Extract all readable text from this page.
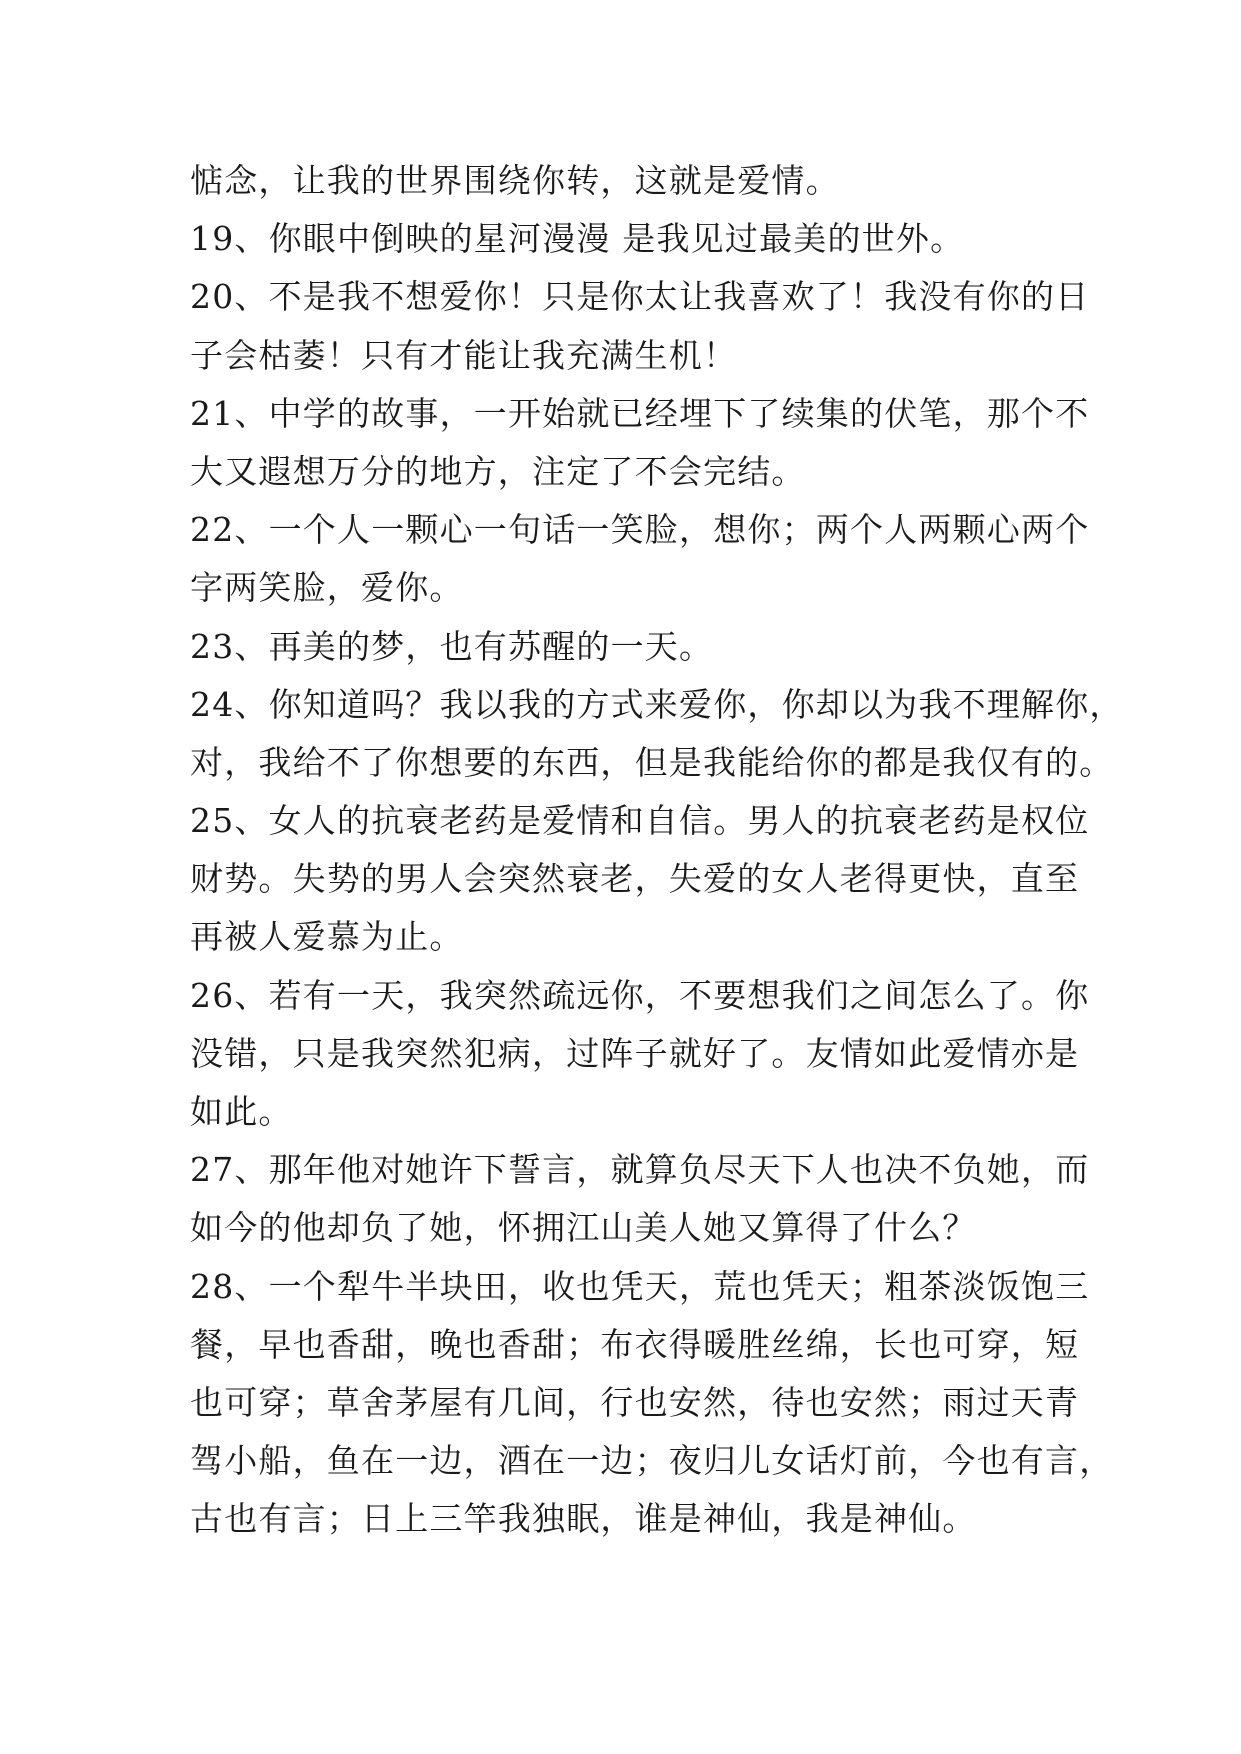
惦念，让我的世界围绕你转，这就是爱情。
19、你眼中倒映的星河漫漫 是我见过最美的世外。
20、不是我不想爱你！只是你太让我喜欢了！我没有你的日
子会枯萎！只有才能让我充满生机！
21、中学的故事，一开始就已经埋下了续集的伏笔，那个不
大又遐想万分的地方，注定了不会完结。
22、一个人一颗心一句话一笑脸，想你；两个人两颗心两个
字两笑脸，爱你。
23、再美的梦，也有苏醒的一天。
24、你知道吗？我以我的方式来爱你，你却以为我不理解你，
对，我给不了你想要的东西，但是我能给你的都是我仅有的。
25、女人的抗衰老药是爱情和自信。男人的抗衰老药是权位
财势。失势的男人会突然衰老，失爱的女人老得更快，直至
再被人爱慕为止。
26、若有一天，我突然疏远你，不要想我们之间怎么了。你
没错，只是我突然犯病，过阵子就好了。友情如此爱情亦是
如此。
27、那年他对她许下誓言，就算负尽天下人也决不负她，而
如今的他却负了她，怀拥江山美人她又算得了什么？
28、一个犁牛半块田，收也凭天，荒也凭天；粗茶淡饭饱三
餐，早也香甜，晚也香甜；布衣得暖胜丝绵，长也可穿，短
也可穿；草舍茅屋有几间，行也安然，待也安然；雨过天青
驾小船，鱼在一边，酒在一边；夜归儿女话灯前，今也有言，
古也有言；日上三竿我独眠，谁是神仙，我是神仙。
